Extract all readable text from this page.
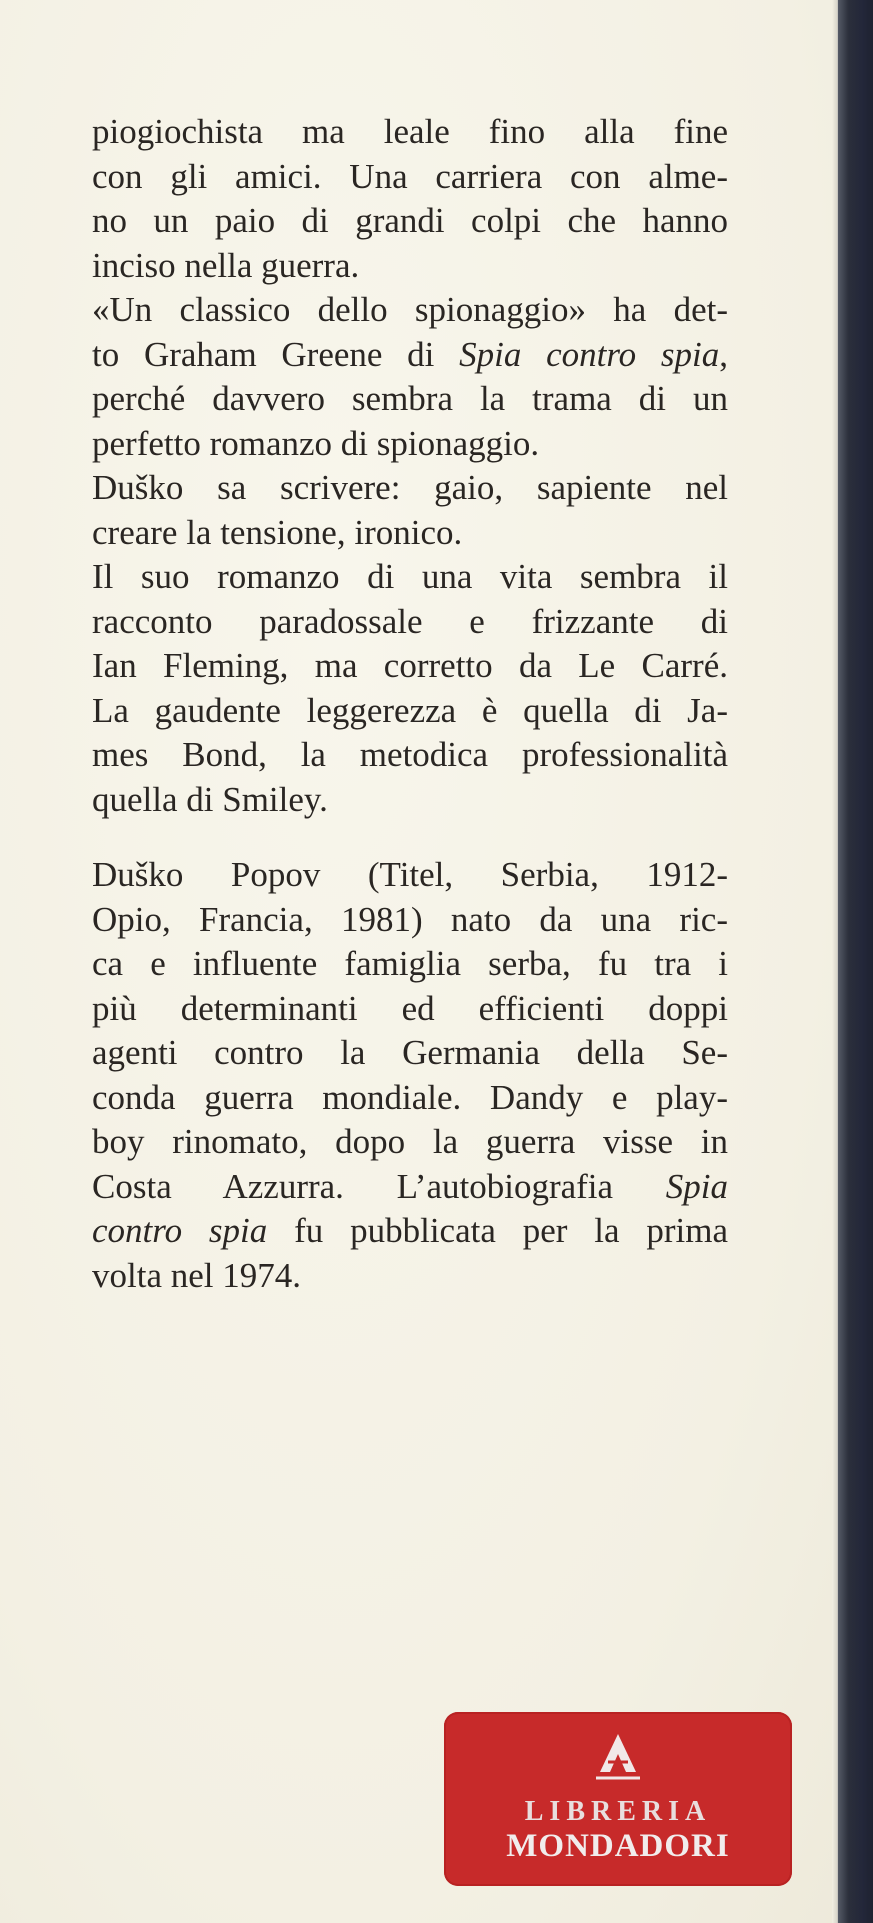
piogiochista ma leale fino alla fine
con gli amici. Una carriera con alme-
no un paio di grandi colpi che hanno
inciso nella guerra.
«Un classico dello spionaggio» ha det-
to Graham Greene di Spia contro spia,
perché davvero sembra la trama di un
perfetto romanzo di spionaggio.
Duško sa scrivere: gaio, sapiente nel
creare la tensione, ironico.
Il suo romanzo di una vita sembra il
racconto paradossale e frizzante di
Ian Fleming, ma corretto da Le Carré.
La gaudente leggerezza è quella di Ja-
mes Bond, la metodica professionalità
quella di Smiley.
Duško Popov (Titel, Serbia, 1912-
Opio, Francia, 1981) nato da una ric-
ca e influente famiglia serba, fu tra i
più determinanti ed efficienti doppi
agenti contro la Germania della Se-
conda guerra mondiale. Dandy e play-
boy rinomato, dopo la guerra visse in
Costa Azzurra. L’autobiografia Spia
contro spia fu pubblicata per la prima
volta nel 1974.
LIBRERIA
MONDADORI
